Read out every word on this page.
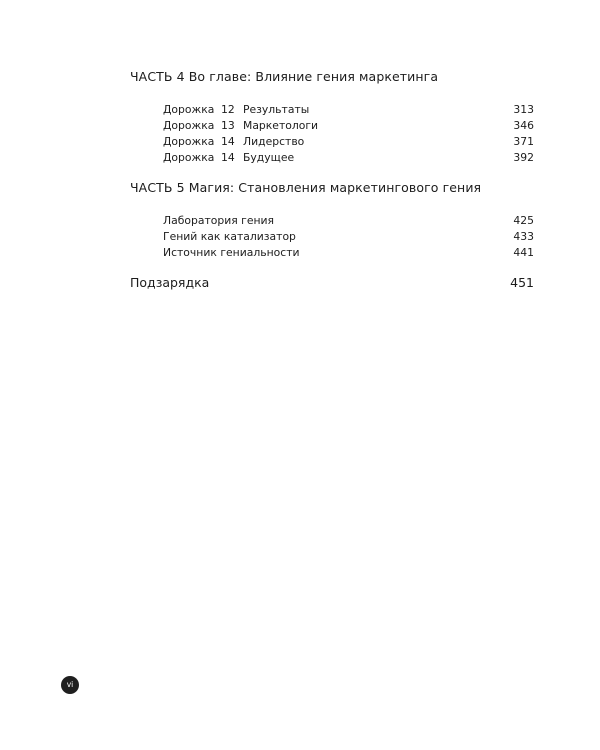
ЧАСТЬ 4 Во главе: Влияние гения маркетинга
Дорожка 12 Результаты	313
Дорожка 13 Маркетологи	346
Дорожка 14 Лидерство	371
Дорожка 14 Будущее	392
ЧАСТЬ 5 Магия: Становления маркетингового гения
Лаборатория гения	425
Гений как катализатор	433
Источник гениальности	441
Подзарядка	451
vi
